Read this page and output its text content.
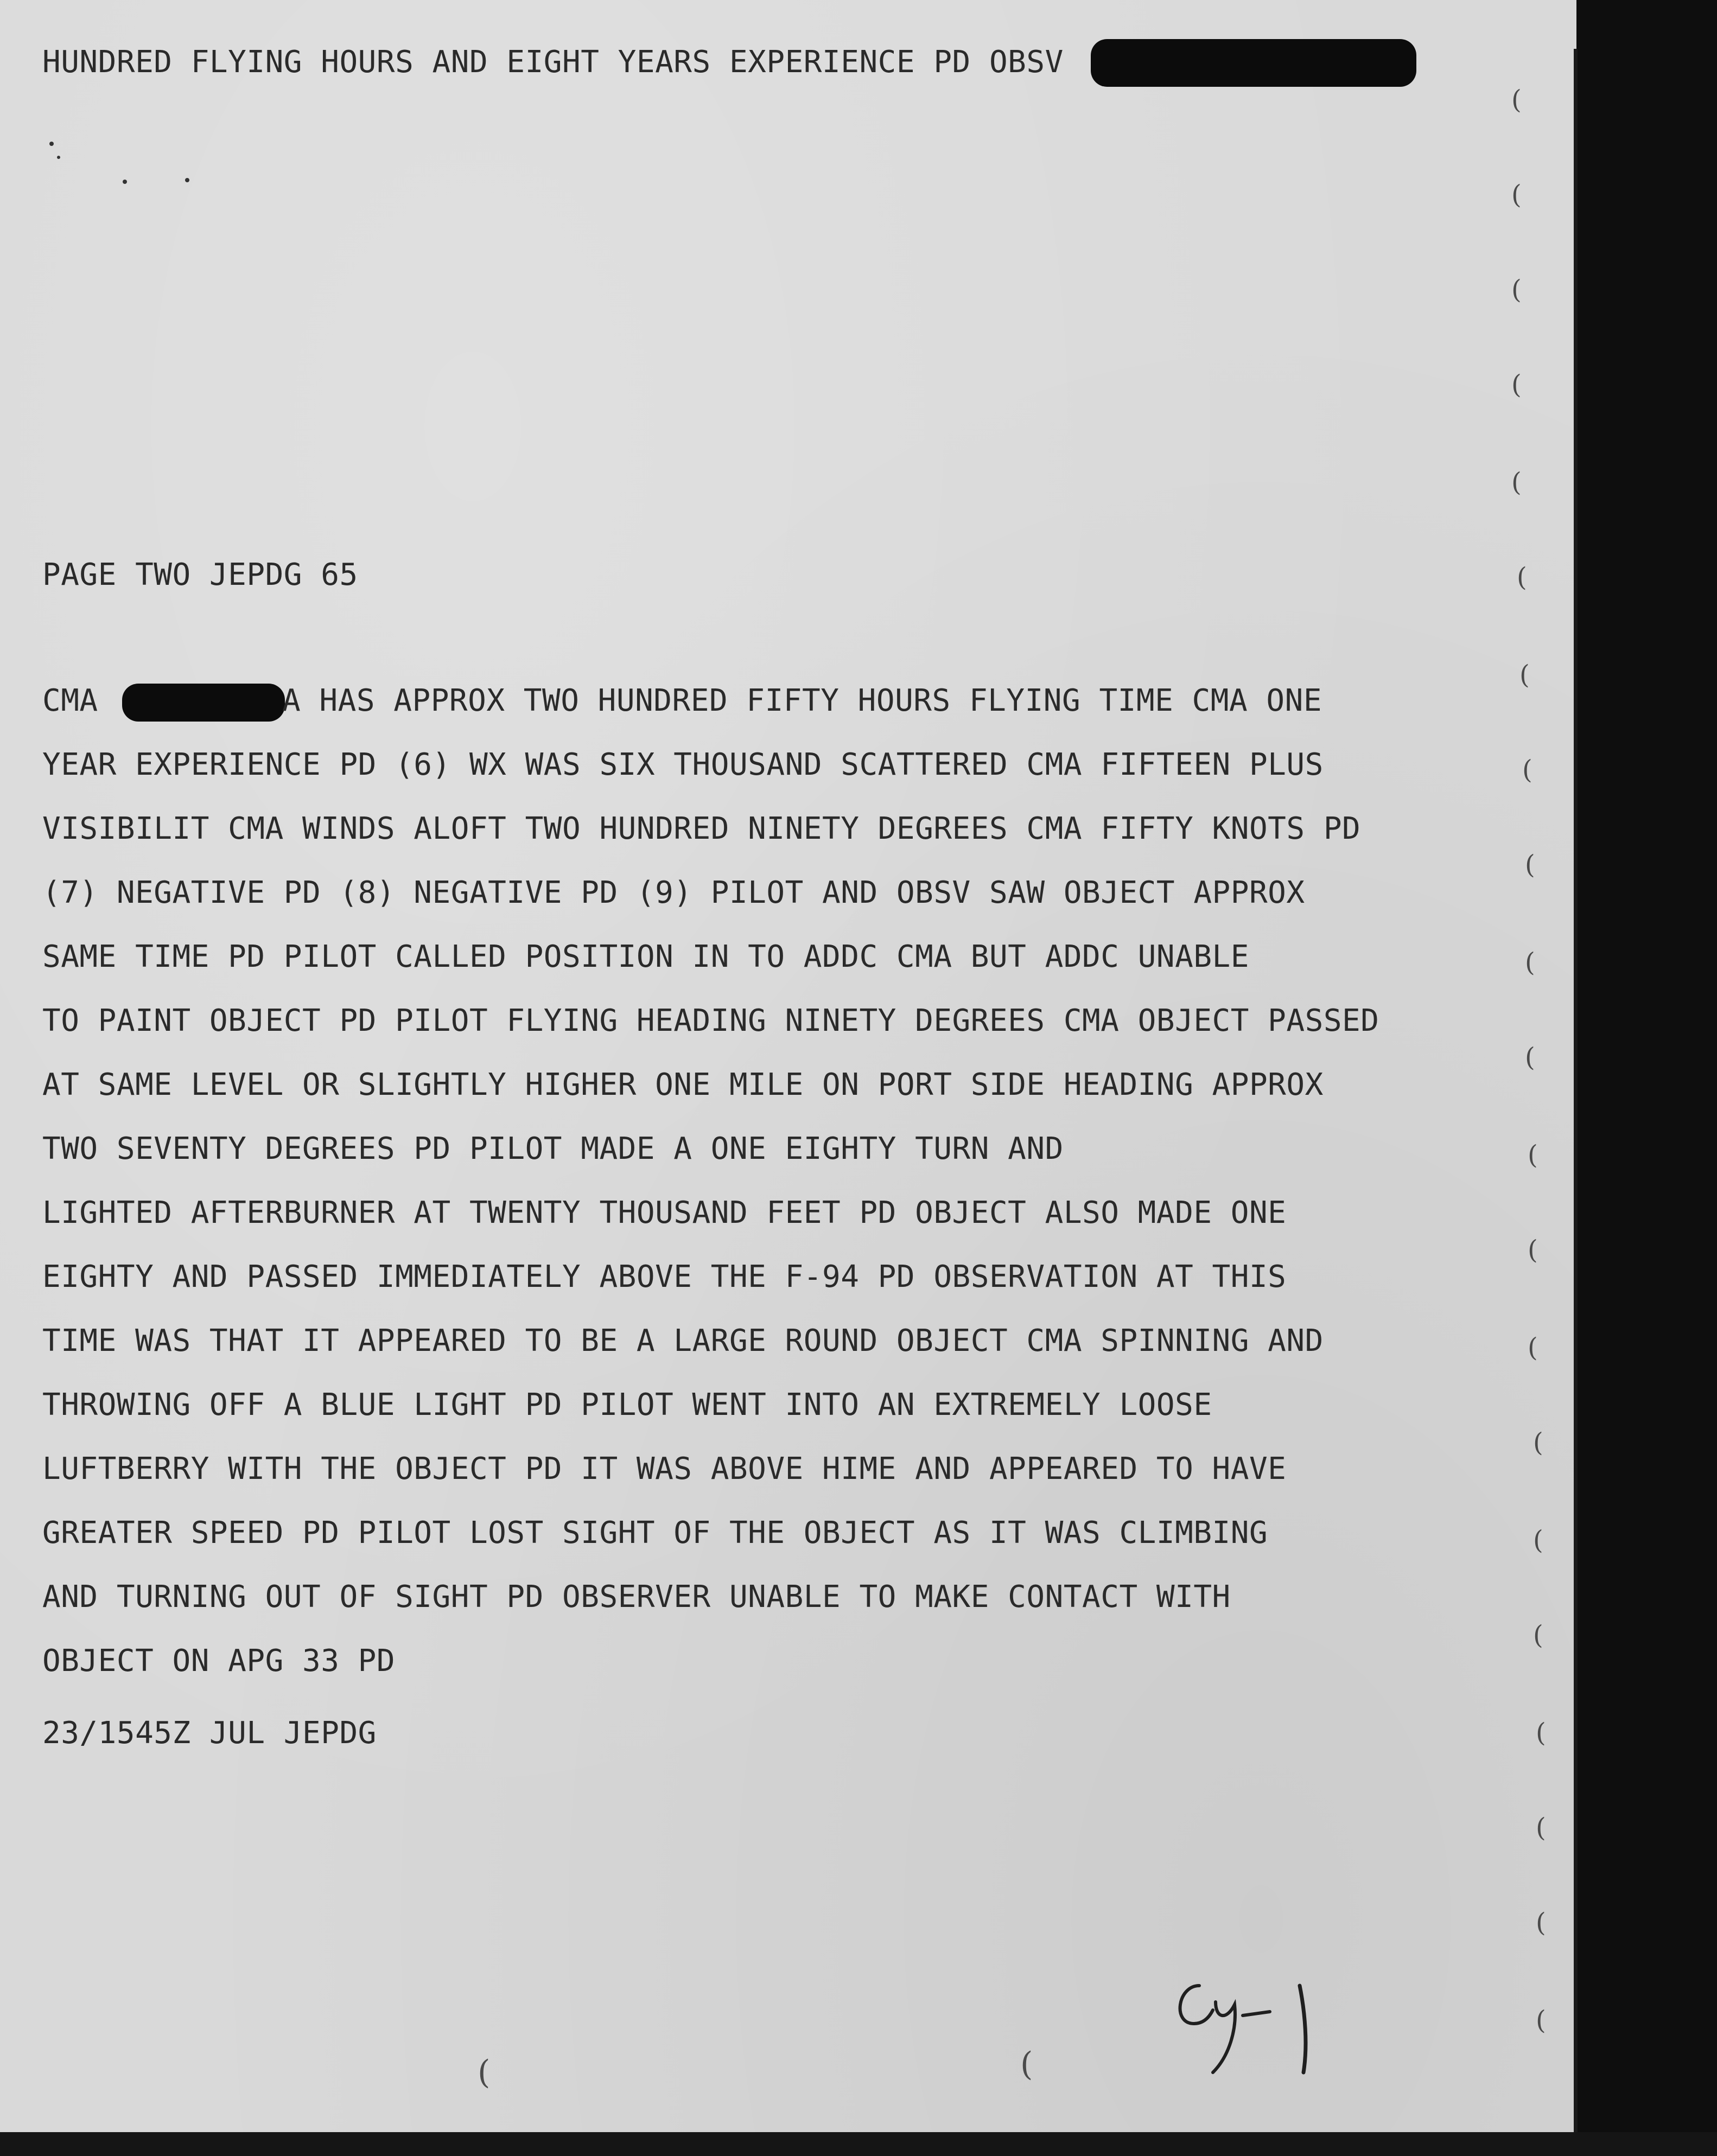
HUNDRED FLYING HOURS AND EIGHT YEARS EXPERIENCE PD OBSV

PAGE TWO JEPDG 65

CMA	A HAS APPROX TWO HUNDRED FIFTY HOURS FLYING TIME CMA ONE

YEAR EXPERIENCE PD (6) WX WAS SIX THOUSAND SCATTERED CMA FIFTEEN PLUS

VISIBILIT CMA WINDS ALOFT TWO HUNDRED NINETY DEGREES CMA FIFTY KNOTS PD

(7) NEGATIVE PD (8) NEGATIVE PD (9) PILOT AND OBSV SAW OBJECT APPROX

SAME TIME PD PILOT CALLED POSITION IN TO ADDC CMA BUT ADDC UNABLE

TO PAINT OBJECT PD PILOT FLYING HEADING NINETY DEGREES CMA OBJECT PASSED

AT SAME LEVEL OR SLIGHTLY HIGHER ONE MILE ON PORT SIDE HEADING APPROX

TWO SEVENTY DEGREES PD PILOT MADE A ONE EIGHTY TURN AND

LIGHTED AFTERBURNER AT TWENTY THOUSAND FEET PD OBJECT ALSO MADE ONE

EIGHTY AND PASSED IMMEDIATELY ABOVE THE F-94 PD OBSERVATION AT THIS

TIME WAS THAT IT APPEARED TO BE A LARGE ROUND OBJECT CMA SPINNING AND

THROWING OFF A BLUE LIGHT PD PILOT WENT INTO AN EXTREMELY LOOSE

LUFTBERRY WITH THE OBJECT PD IT WAS ABOVE HIME AND APPEARED TO HAVE

GREATER SPEED PD PILOT LOST SIGHT OF THE OBJECT AS IT WAS CLIMBING

AND TURNING OUT OF SIGHT PD OBSERVER UNABLE TO MAKE CONTACT WITH

OBJECT ON APG 33 PD

23/1545Z JUL JEPDG

(
(
(
(
(
(
(
(
(
(
(
(
(
(
(
(
(
(
(
(
(
(	(
